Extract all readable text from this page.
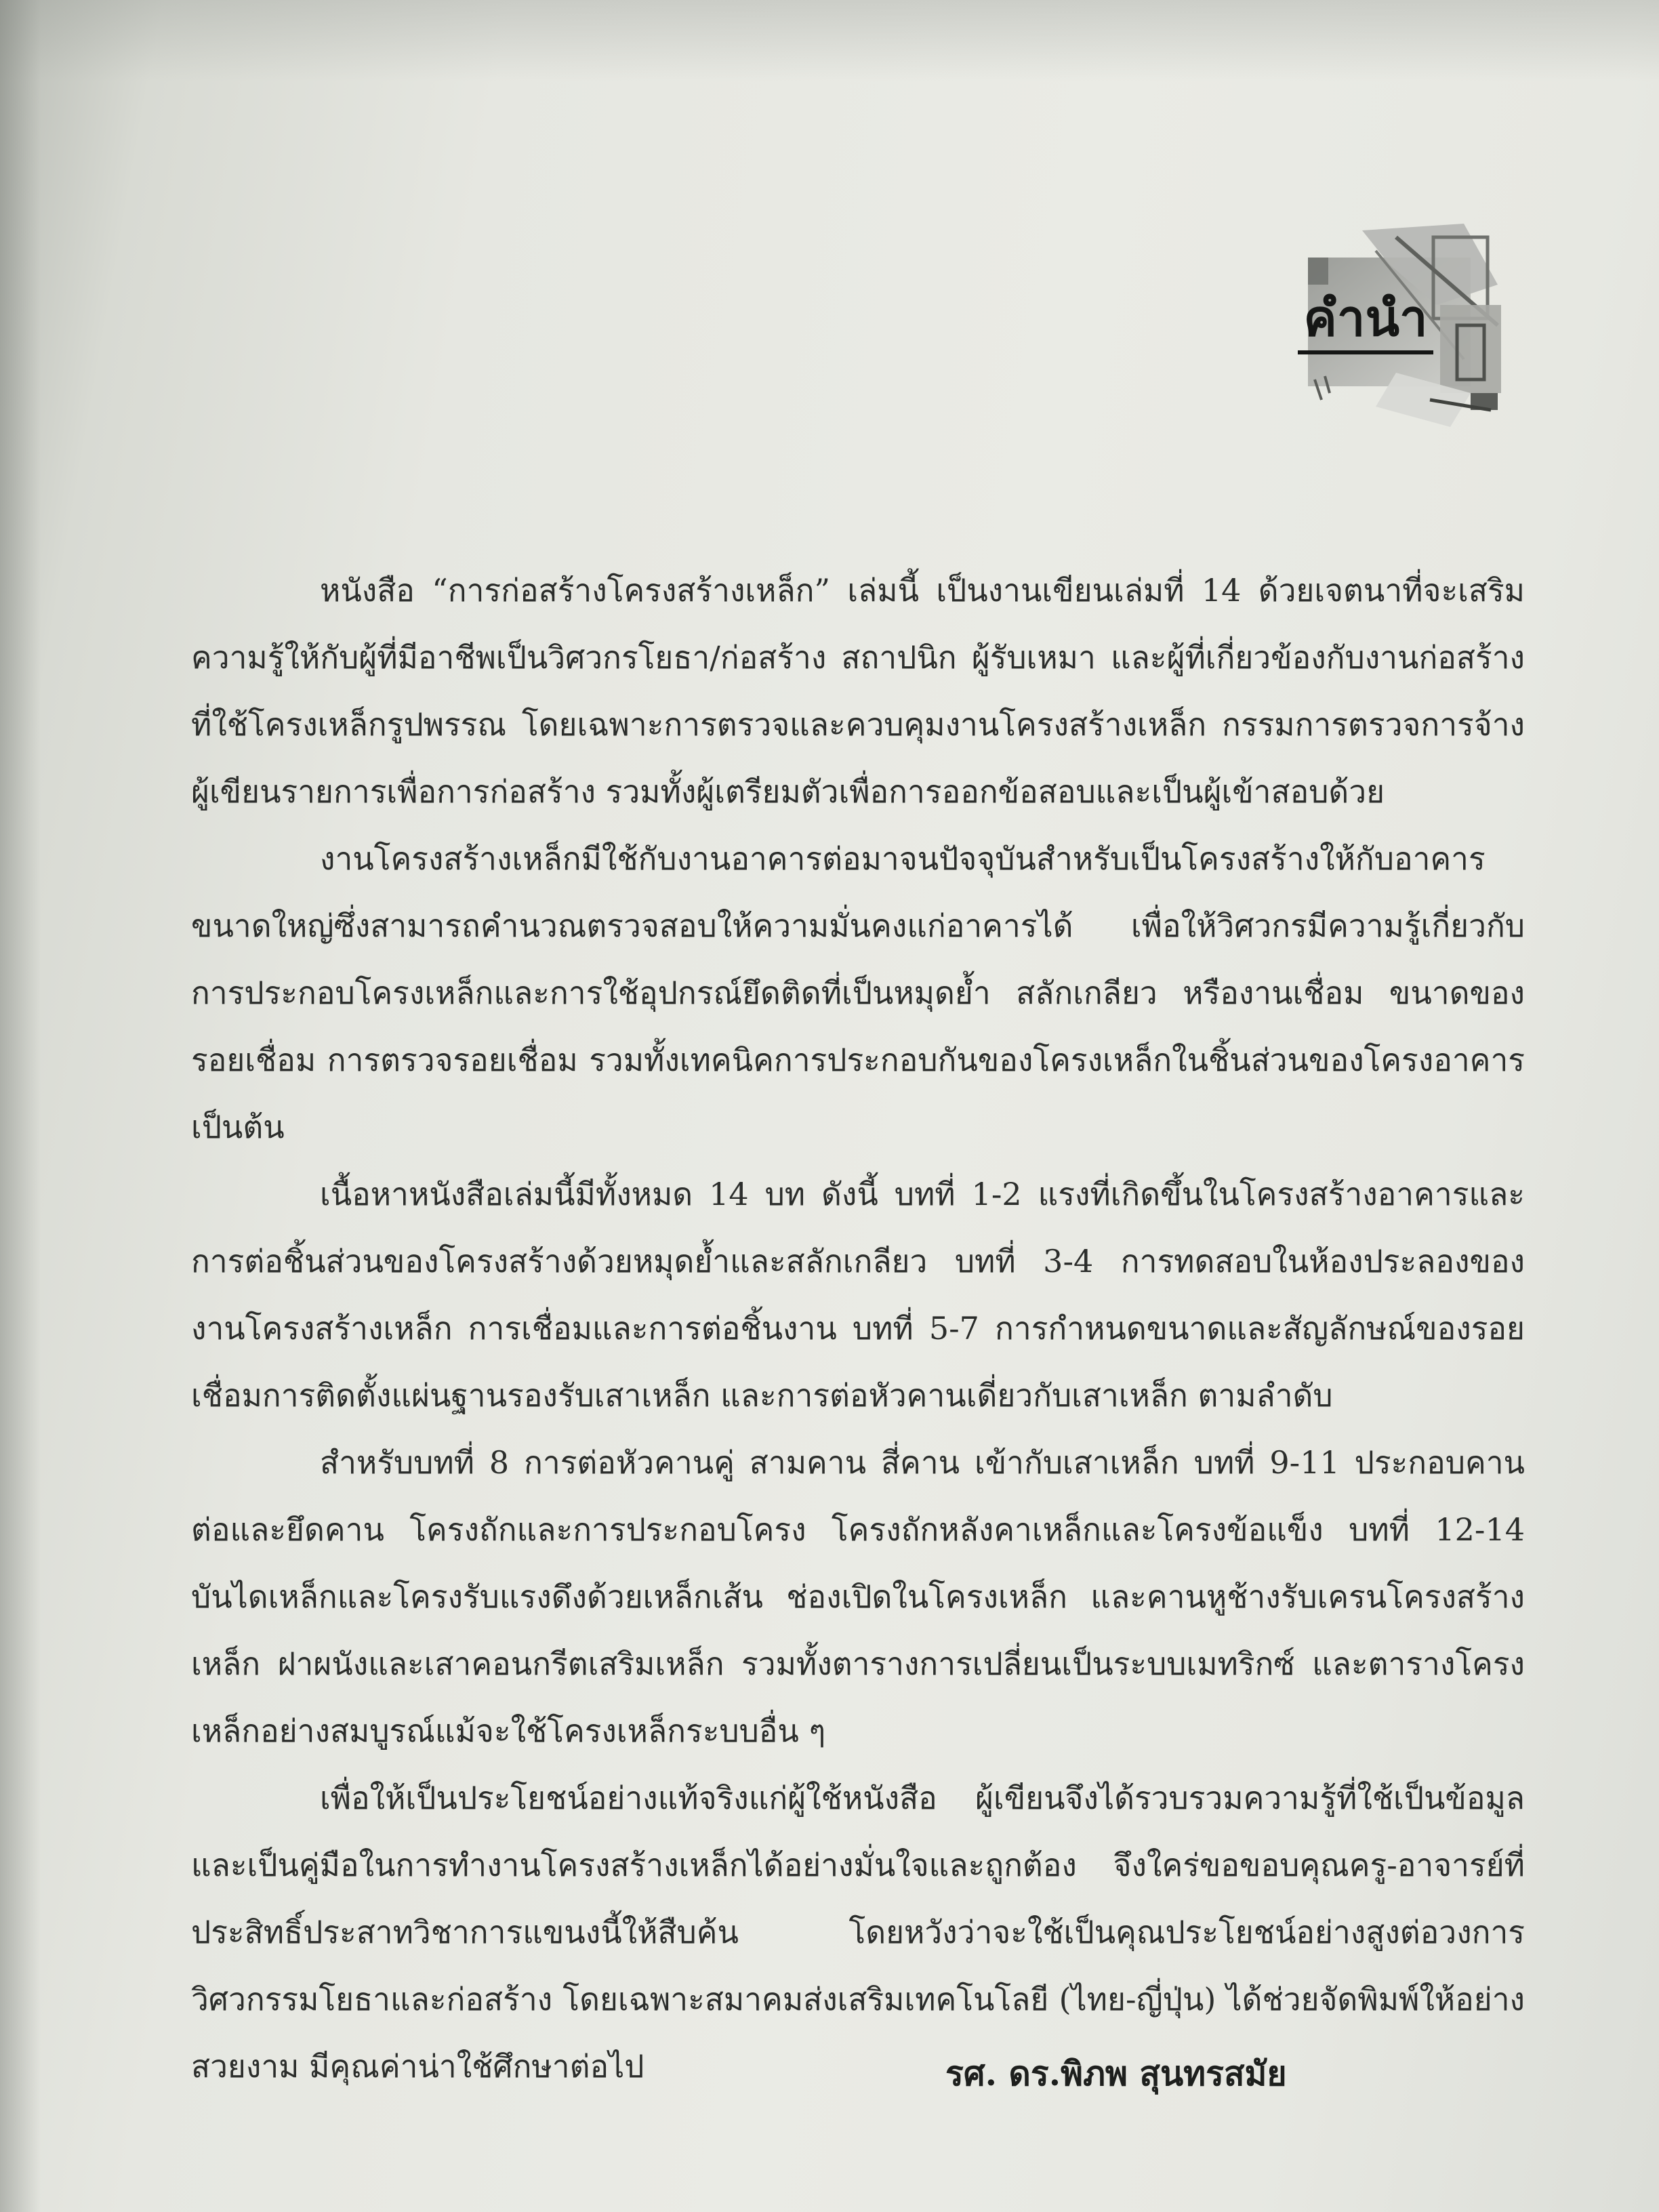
คำนำ

หนังสือ “การก่อสร้างโครงสร้างเหล็ก” เล่มนี้ เป็นงานเขียนเล่มที่ 14 ด้วยเจตนาที่จะเสริมความรู้ให้กับผู้ที่มีอาชีพเป็นวิศวกรโยธา/ก่อสร้าง สถาปนิก ผู้รับเหมา และผู้ที่เกี่ยวข้องกับงานก่อสร้างที่ใช้โครงเหล็กรูปพรรณ โดยเฉพาะการตรวจและควบคุมงานโครงสร้างเหล็ก กรรมการตรวจการจ้าง ผู้เขียนรายการเพื่อการก่อสร้าง รวมทั้งผู้เตรียมตัวเพื่อการออกข้อสอบและเป็นผู้เข้าสอบด้วย

งานโครงสร้างเหล็กมีใช้กับงานอาคารต่อมาจนปัจจุบันสำหรับเป็นโครงสร้างให้กับอาคารขนาดใหญ่ซึ่งสามารถคำนวณตรวจสอบให้ความมั่นคงแก่อาคารได้ เพื่อให้วิศวกรมีความรู้เกี่ยวกับการประกอบโครงเหล็กและการใช้อุปกรณ์ยึดติดที่เป็นหมุดย้ำ สลักเกลียว หรืองานเชื่อม ขนาดของรอยเชื่อม การตรวจรอยเชื่อม รวมทั้งเทคนิคการประกอบกันของโครงเหล็กในชิ้นส่วนของโครงอาคาร เป็นต้น

เนื้อหาหนังสือเล่มนี้มีทั้งหมด 14 บท ดังนี้ บทที่ 1-2 แรงที่เกิดขึ้นในโครงสร้างอาคารและการต่อชิ้นส่วนของโครงสร้างด้วยหมุดย้ำและสลักเกลียว บทที่ 3-4 การทดสอบในห้องประลองของงานโครงสร้างเหล็ก การเชื่อมและการต่อชิ้นงาน บทที่ 5-7 การกำหนดขนาดและสัญลักษณ์ของรอยเชื่อมการติดตั้งแผ่นฐานรองรับเสาเหล็ก และการต่อหัวคานเดี่ยวกับเสาเหล็ก ตามลำดับ

สำหรับบทที่ 8 การต่อหัวคานคู่ สามคาน สี่คาน เข้ากับเสาเหล็ก บทที่ 9-11 ประกอบคาน ต่อและยึดคาน โครงถักและการประกอบโครง โครงถักหลังคาเหล็กและโครงข้อแข็ง บทที่ 12-14 บันไดเหล็กและโครงรับแรงดึงด้วยเหล็กเส้น ช่องเปิดในโครงเหล็ก และคานหูช้างรับเครนโครงสร้างเหล็ก ฝาผนังและเสาคอนกรีตเสริมเหล็ก รวมทั้งตารางการเปลี่ยนเป็นระบบเมทริกซ์ และตารางโครงเหล็กอย่างสมบูรณ์แม้จะใช้โครงเหล็กระบบอื่น ๆ

เพื่อให้เป็นประโยชน์อย่างแท้จริงแก่ผู้ใช้หนังสือ ผู้เขียนจึงได้รวบรวมความรู้ที่ใช้เป็นข้อมูลและเป็นคู่มือในการทำงานโครงสร้างเหล็กได้อย่างมั่นใจและถูกต้อง จึงใคร่ขอขอบคุณครู-อาจารย์ที่ประสิทธิ์ประสาทวิชาการแขนงนี้ให้สืบค้น โดยหวังว่าจะใช้เป็นคุณประโยชน์อย่างสูงต่อวงการวิศวกรรมโยธาและก่อสร้าง โดยเฉพาะสมาคมส่งเสริมเทคโนโลยี (ไทย-ญี่ปุ่น) ได้ช่วยจัดพิมพ์ให้อย่างสวยงาม มีคุณค่าน่าใช้ศึกษาต่อไป	รศ. ดร.พิภพ สุนทรสมัย
